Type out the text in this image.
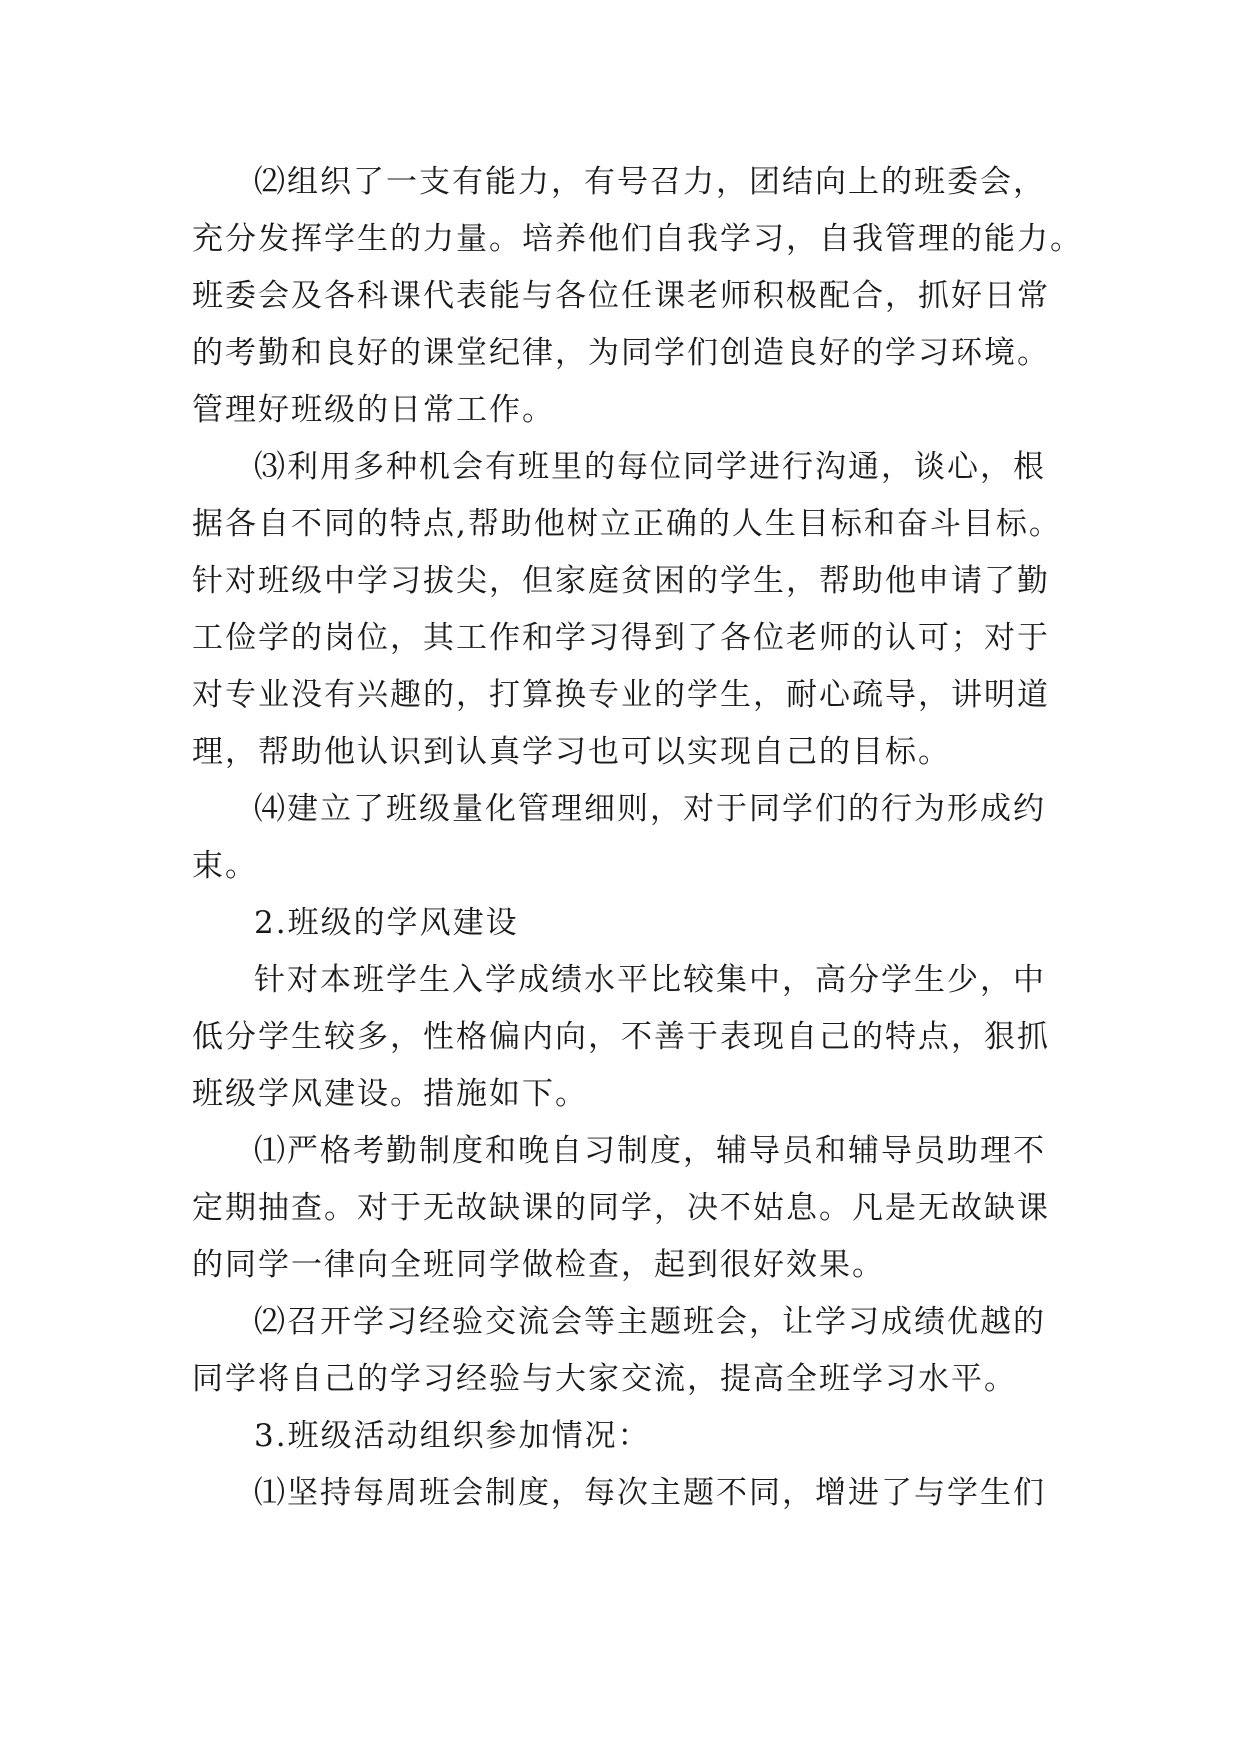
⑵组织了一支有能力，有号召力，团结向上的班委会，
充分发挥学生的力量。培养他们自我学习，自我管理的能力。
班委会及各科课代表能与各位任课老师积极配合，抓好日常
的考勤和良好的课堂纪律，为同学们创造良好的学习环境。
管理好班级的日常工作。
⑶利用多种机会有班里的每位同学进行沟通，谈心，根
据各自不同的特点,帮助他树立正确的人生目标和奋斗目标。
针对班级中学习拔尖，但家庭贫困的学生，帮助他申请了勤
工俭学的岗位，其工作和学习得到了各位老师的认可；对于
对专业没有兴趣的，打算换专业的学生，耐心疏导，讲明道
理，帮助他认识到认真学习也可以实现自己的目标。
⑷建立了班级量化管理细则，对于同学们的行为形成约
束。
2.班级的学风建设
针对本班学生入学成绩水平比较集中，高分学生少，中
低分学生较多，性格偏内向，不善于表现自己的特点，狠抓
班级学风建设。措施如下。
⑴严格考勤制度和晚自习制度，辅导员和辅导员助理不
定期抽查。对于无故缺课的同学，决不姑息。凡是无故缺课
的同学一律向全班同学做检查，起到很好效果。
⑵召开学习经验交流会等主题班会，让学习成绩优越的
同学将自己的学习经验与大家交流，提高全班学习水平。
3.班级活动组织参加情况：
⑴坚持每周班会制度，每次主题不同，增进了与学生们
